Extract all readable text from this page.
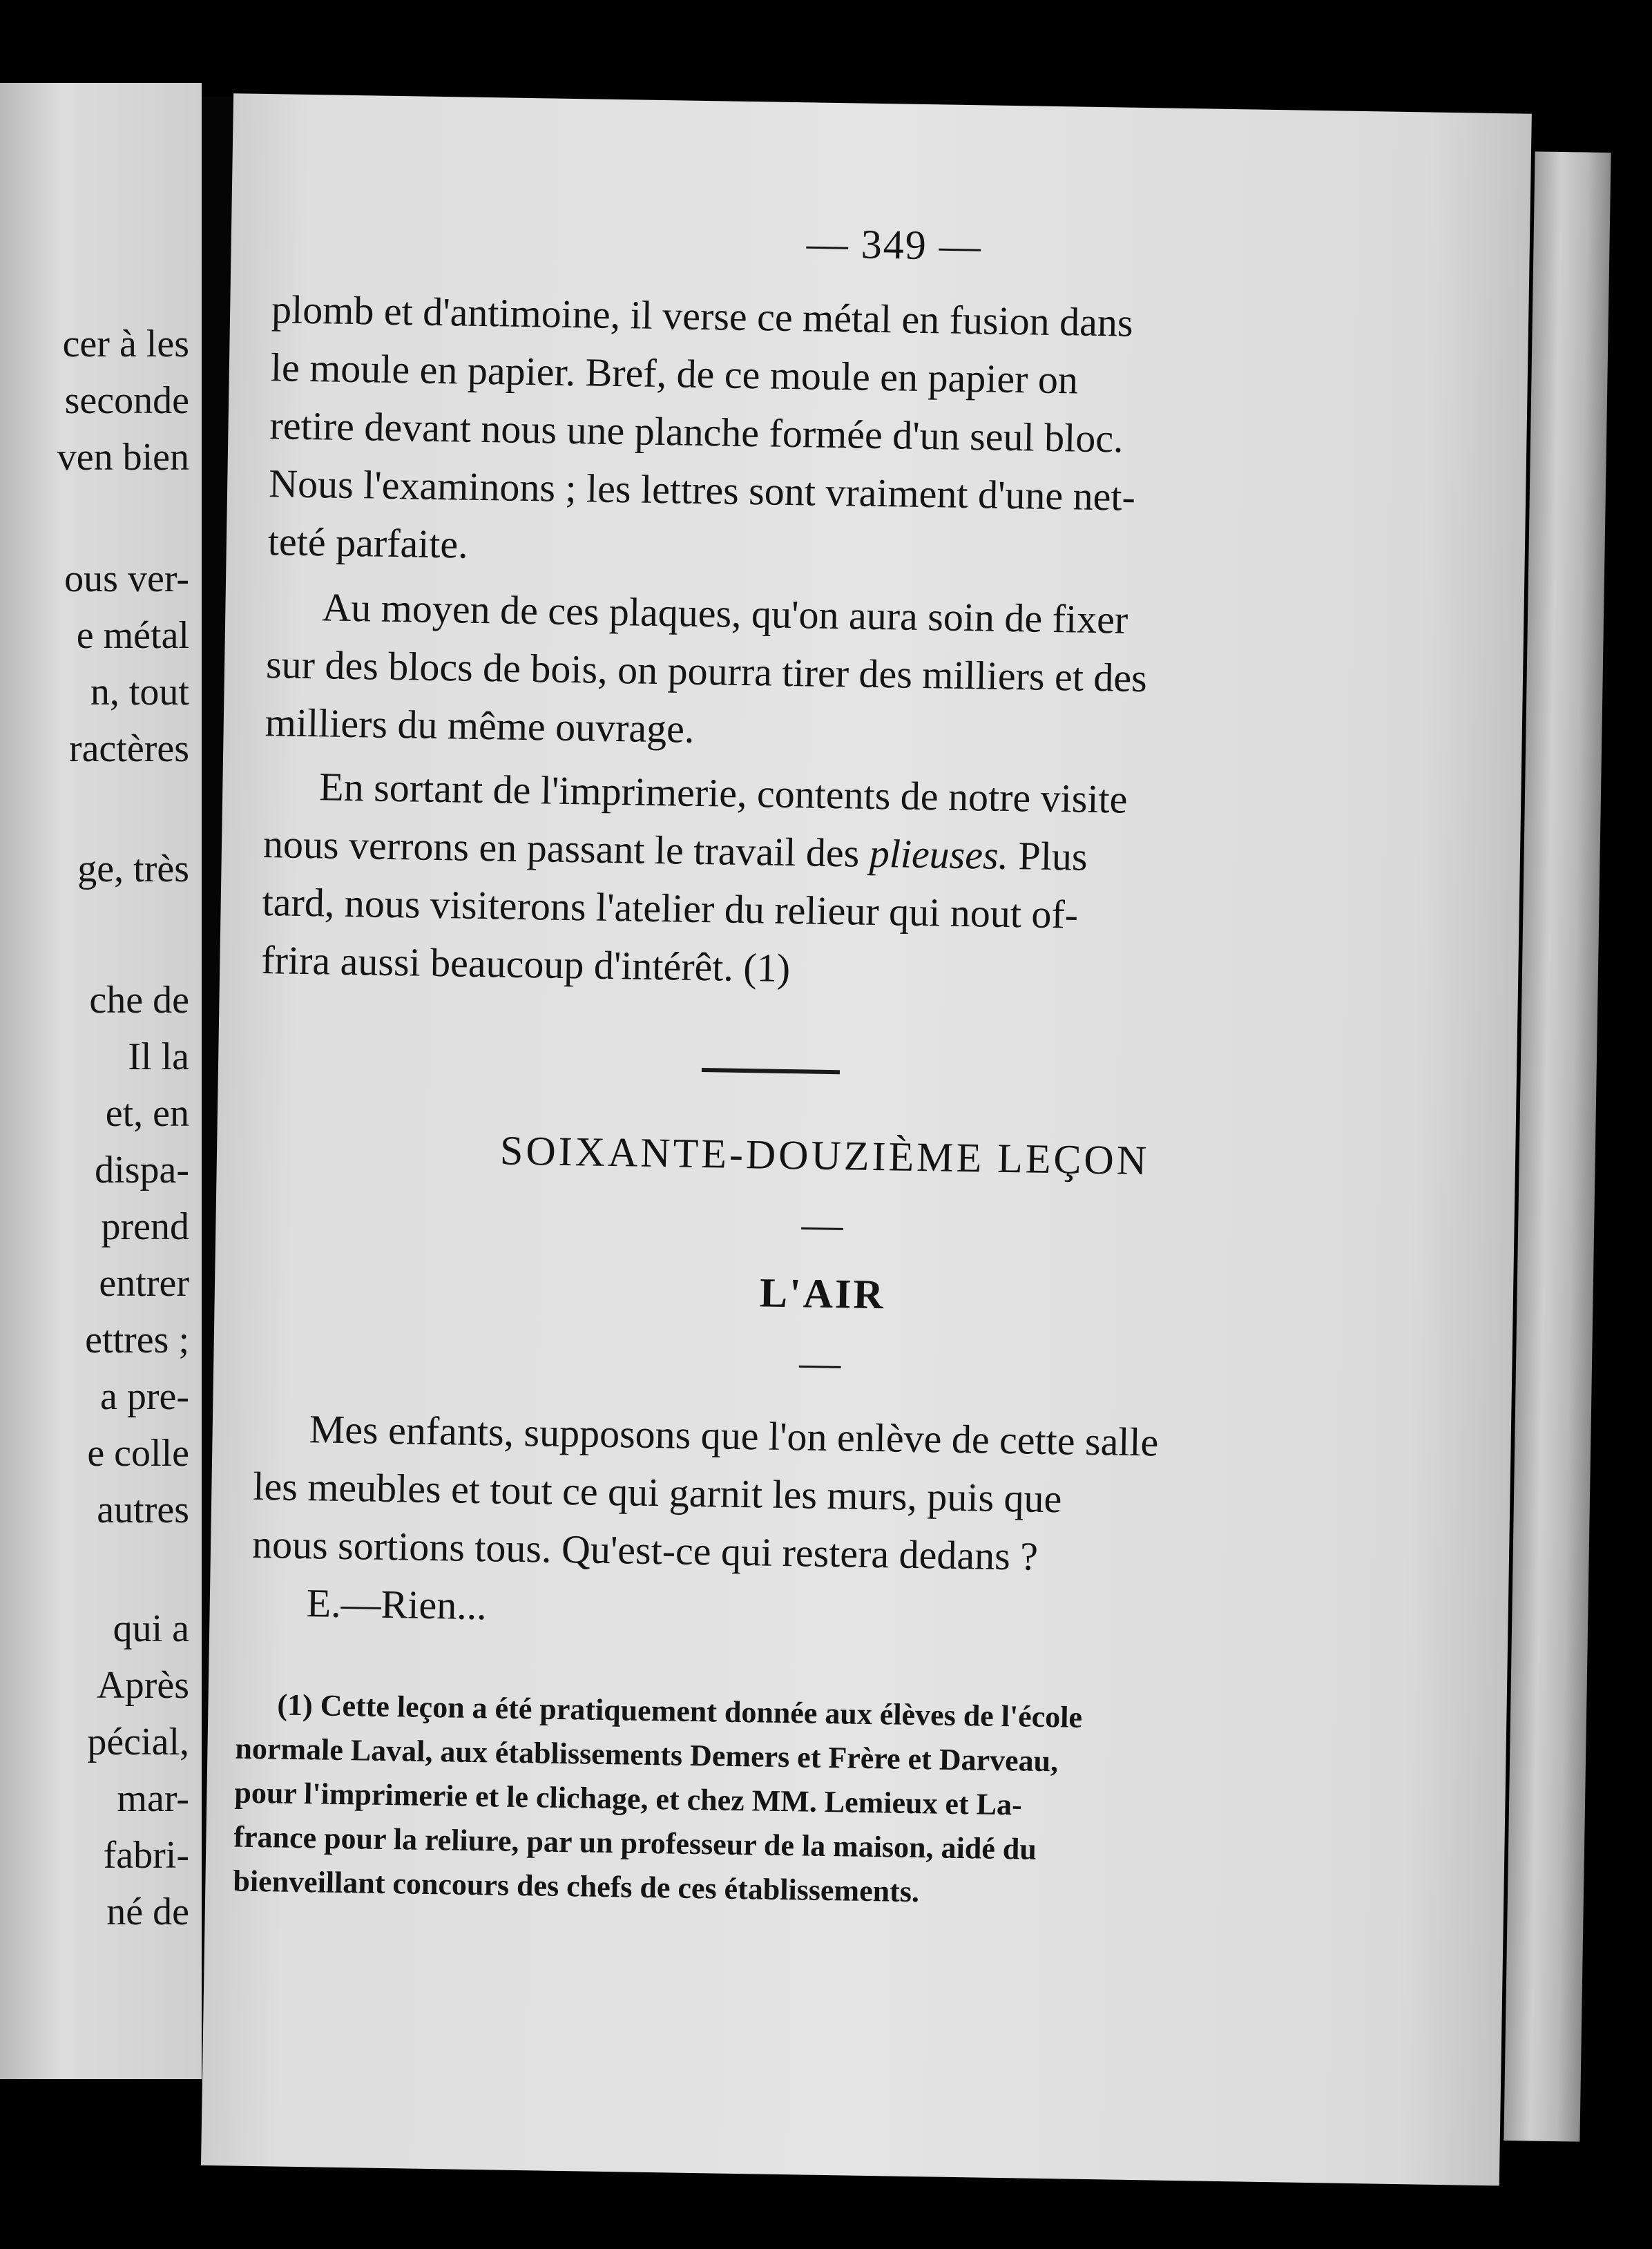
cer à les
seconde
ven bien
ous ver-
e métal
n, tout
ractères
ge, très
che de
Il la
et, en
dispa-
prend
entrer
ettres ;
a pre-
e colle
autres
qui a
Après
pécial,
mar-
fabri-
né de
— 349 —
plomb et d'antimoine, il verse ce métal en fusion dans
le moule en papier. Bref, de ce moule en papier on
retire devant nous une planche formée d'un seul bloc.
Nous l'examinons ; les lettres sont vraiment d'une net-
teté parfaite.
Au moyen de ces plaques, qu'on aura soin de fixer
sur des blocs de bois, on pourra tirer des milliers et des
milliers du même ouvrage.
En sortant de l'imprimerie, contents de notre visite
nous verrons en passant le travail des plieuses. Plus
tard, nous visiterons l'atelier du relieur qui nout of-
frira aussi beaucoup d'intérêt. (1)
SOIXANTE-DOUZIÈME LEÇON
—
L'AIR
—
Mes enfants, supposons que l'on enlève de cette salle
les meubles et tout ce qui garnit les murs, puis que
nous sortions tous. Qu'est-ce qui restera dedans ?
E.—Rien...
(1) Cette leçon a été pratiquement donnée aux élèves de l'école
normale Laval, aux établissements Demers et Frère et Darveau,
pour l'imprimerie et le clichage, et chez MM. Lemieux et La-
france pour la reliure, par un professeur de la maison, aidé du
bienveillant concours des chefs de ces établissements.
